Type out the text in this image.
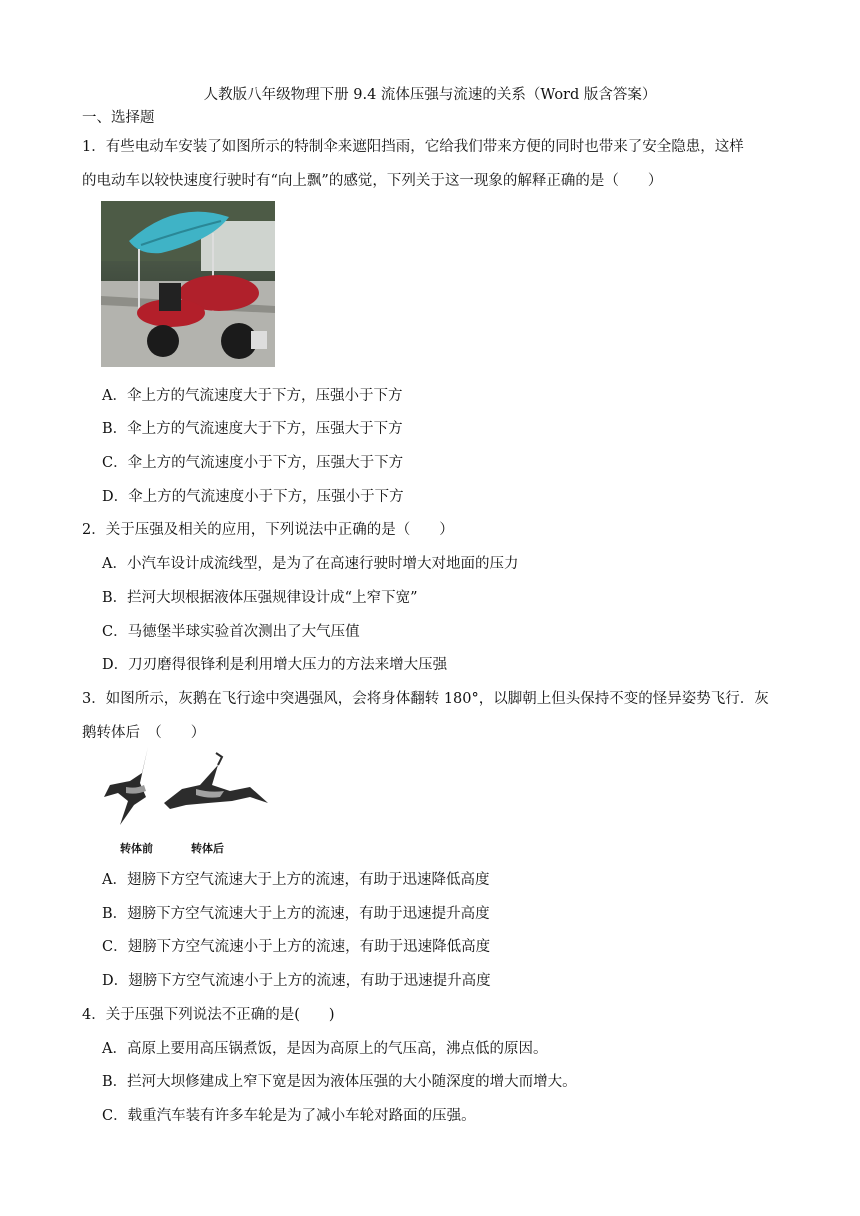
人教版八年级物理下册 9.4 流体压强与流速的关系（Word 版含答案）
一、选择题
1．有些电动车安装了如图所示的特制伞来遮阳挡雨，它给我们带来方便的同时也带来了安全隐患，这样
的电动车以较快速度行驶时有“向上飘”的感觉，下列关于这一现象的解释正确的是（　　）
A．伞上方的气流速度大于下方，压强小于下方
B．伞上方的气流速度大于下方，压强大于下方
C．伞上方的气流速度小于下方，压强大于下方
D．伞上方的气流速度小于下方，压强小于下方
2．关于压强及相关的应用，下列说法中正确的是（　　）
A．小汽车设计成流线型，是为了在高速行驶时增大对地面的压力
B．拦河大坝根据液体压强规律设计成“上窄下宽”
C．马德堡半球实验首次测出了大气压值
D．刀刃磨得很锋利是利用增大压力的方法来增大压强
3．如图所示，灰鹅在飞行途中突遇强风，会将身体翻转 180°，以脚朝上但头保持不变的怪异姿势飞行．灰
鹅转体后　（　　）
转体前	转体后
A．翅膀下方空气流速大于上方的流速，有助于迅速降低高度
B．翅膀下方空气流速大于上方的流速，有助于迅速提升高度
C．翅膀下方空气流速小于上方的流速，有助于迅速降低高度
D．翅膀下方空气流速小于上方的流速，有助于迅速提升高度
4．关于压强下列说法不正确的是(　　)
A．高原上要用高压锅煮饭，是因为高原上的气压高，沸点低的原因。
B．拦河大坝修建成上窄下宽是因为液体压强的大小随深度的增大而增大。
C．载重汽车装有许多车轮是为了减小车轮对路面的压强。
